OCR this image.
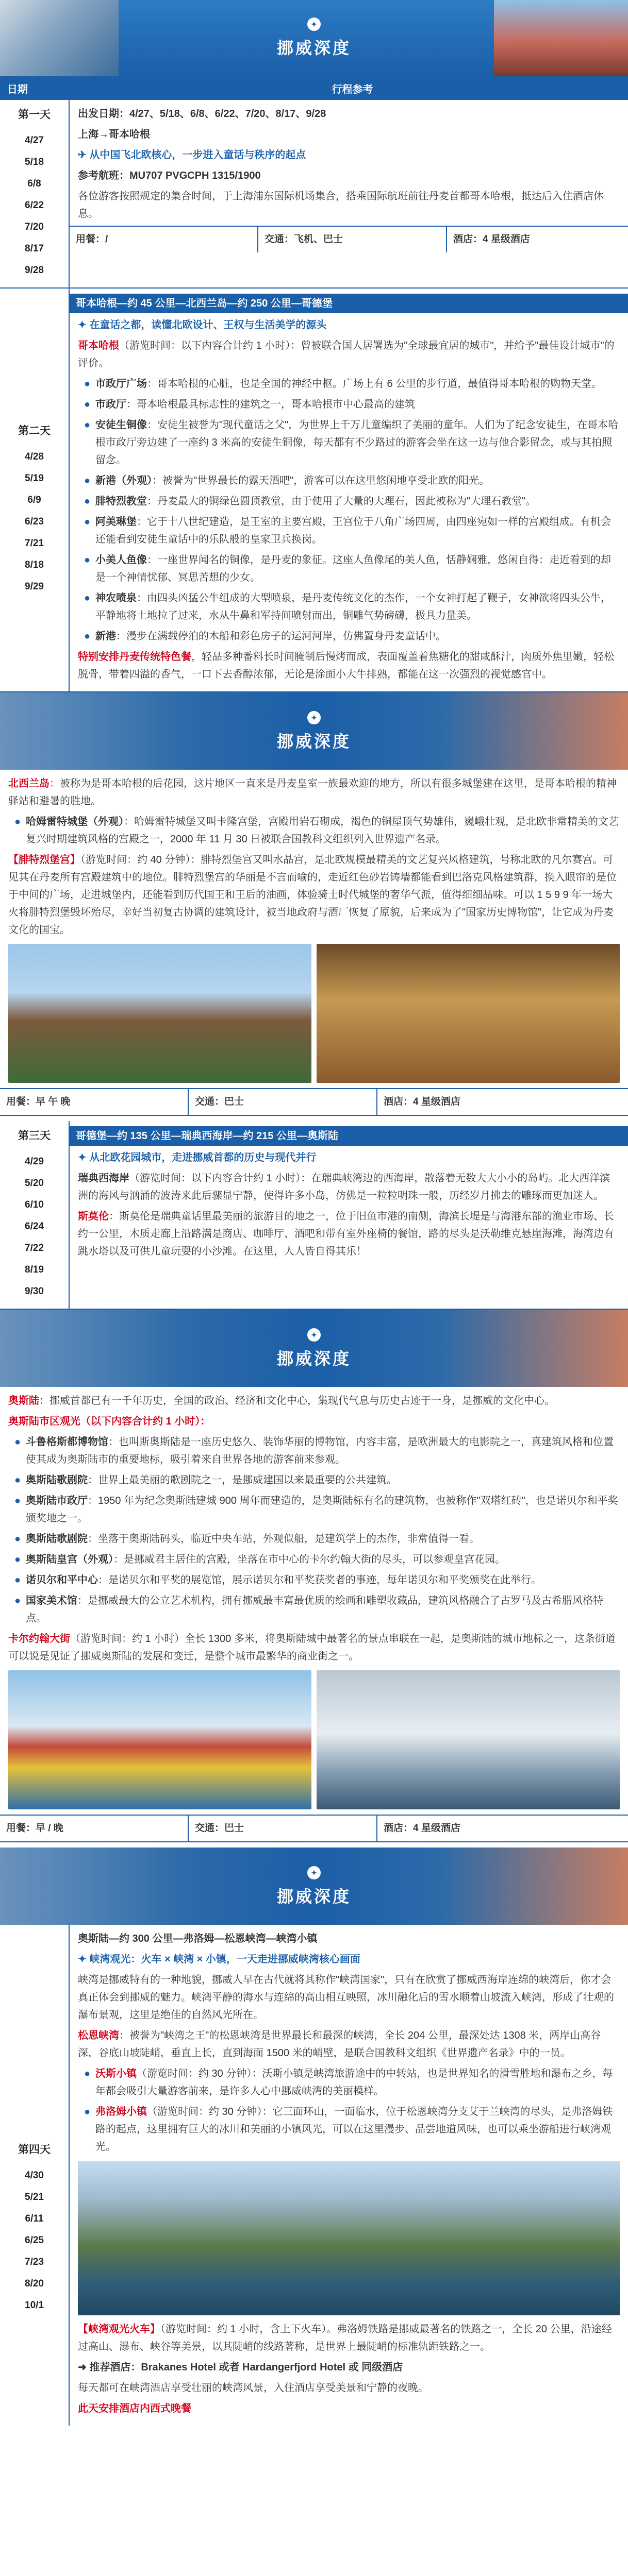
✦
挪威深度
日期	行程参考
第一天
4/27
5/18
6/8
6/22
7/20
8/17
9/28

出发日期：4/27、5/18、6/8、6/22、7/20、8/17、9/28

上海→哥本哈根

✈ 从中国飞北欧核心，一步进入童话与秩序的起点

参考航班：MU707 PVGCPH 1315/1900

各位游客按照规定的集合时间，于上海浦东国际机场集合，搭乘国际航班前往丹麦首都哥本哈根，抵达后入住酒店休息。

用餐：/	交通：飞机、巴士	酒店：4 星级酒店
第二天
4/28
5/19
6/9
6/23
7/21
8/18
9/29
哥本哈根—约 45 公里—北西兰岛—约 250 公里—哥德堡

✦ 在童话之都，读懂北欧设计、王权与生活美学的源头

哥本哈根（游览时间：以下内容合计约 1 小时）：曾被联合国人居署选为"全球最宜居的城市"，并给予"最佳设计城市"的评价。

● 市政厅广场：哥本哈根的心脏，也是全国的神经中枢。广场上有 6 公里的步行道，最值得哥本哈根的购物天堂。

● 市政厅：哥本哈根最具标志性的建筑之一，哥本哈根市中心最高的建筑

● 安徒生铜像：安徒生被誉为"现代童话之父"，为世界上千万儿童编织了美丽的童年。人们为了纪念安徒生，在哥本哈根市政厅旁边建了一座约 3 米高的安徒生铜像，每天都有不少路过的游客会坐在这一边与他合影留念，或与其拍照留念。

● 新港（外观）：被誉为"世界最长的露天酒吧"，游客可以在这里悠闲地享受北欧的阳光。

● 腓特烈教堂：丹麦最大的铜绿色圆顶教堂，由于使用了大量的大理石，因此被称为"大理石教堂"。

● 阿美琳堡：它于十八世纪建造，是王室的主要宫殿，王宫位于八角广场四周，由四座宛如一样的宫殿组成。有机会还能看到安徒生童话中的乐队般的皇家卫兵换岗。

● 小美人鱼像：一座世界闻名的铜像，是丹麦的象征。这座人鱼像尾的美人鱼，恬静娴雅，悠闲自得：走近看到的却是一个神情忧郁、冥思苦想的少女。

● 神农喷泉：由四头凶猛公牛组成的大型喷泉，是丹麦传统文化的杰作，一个女神打起了鞭子，女神欲将四头公牛，平静地将土地拉了过来，水从牛鼻和军持间喷射而出，铜雕气势磅礴，极具力量美。

● 新港：漫步在满载停泊的木船和彩色房子的运河河岸，仿佛置身丹麦童话中。

特别安排丹麦传统特色餐，轻品多种番料长时间腌制后慢烤而成，表面覆盖着焦糖化的甜咸酥汁，肉质外焦里嫩，轻松脱骨，带着四溢的香气，一口下去香醇浓郁，无论是涂面小大牛排熟，都能在这一次强烈的视觉感官中。

✦
挪威深度

北西兰岛：被称为是哥本哈根的后花园，这片地区一直来是丹麦皇室一族最欢迎的地方，所以有很多城堡建在这里，是哥本哈根的精神驿站和避暑的胜地。

● 哈姆雷特城堡（外观）：哈姆雷特城堡又叫卡隆宫堡，宫殿用岩石砌成，褐色的铜屋顶气势雄伟，巍峨壮观，是北欧非常精美的文艺复兴时期建筑风格的宫殿之一，2000 年 11 月 30 日被联合国教科文组织列入世界遗产名录。

【腓特烈堡宫】（游览时间：约 40 分钟）：腓特烈堡宫又叫水晶宫，是北欧规模最精美的文艺复兴风格建筑，号称北欧的凡尔赛宫。可见其在丹麦所有宫殿建筑中的地位。腓特烈堡宫的华丽是不言而喻的，走近红色砂岩铸墙都能看到巴洛克风格建筑群，换入眼帘的是位于中间的广场，走进城堡内，还能看到历代国王和王后的油画，体验骑士时代城堡的奢华气派，值得细细品味。可以 1 5 9 9 年一场大火将腓特烈堡毁坏殆尽，幸好当初复古协调的建筑设计，被当地政府与酒厂恢复了原貌，后来成为了"国家历史博物馆"，让它成为丹麦文化的国宝。

用餐：早 午 晚	交通：巴士	酒店：4 星级酒店
第三天
4/29
5/20
6/10
6/24
7/22
8/19
9/30
哥德堡—约 135 公里—瑞典西海岸—约 215 公里—奥斯陆

✦ 从北欧花园城市，走进挪威首都的历史与现代并行

瑞典西海岸（游览时间：以下内容合计约 1 小时）：在瑞典峡湾边的西海岸，散落着无数大大小小的岛屿。北大西洋滨洲的海风与汹涌的波涛来此后骤显宁静，使得许多小岛，仿佛是一粒粒明珠一般，历经岁月拂去的雕琢而更加迷人。

斯莫伦：斯莫伦是瑞典童话里最美丽的旅游目的地之一，位于旧鱼市港的南侧，海滨长堤是与海港东部的渔业市场、长约一公里，木质走廊上沿路满是商店、咖啡厅、酒吧和带有室外座椅的餐馆，路的尽头是沃勒维克悬崖海滩，海湾边有跳水塔以及可供儿童玩耍的小沙滩。在这里，人人皆自得其乐！

✦
挪威深度

奥斯陆：挪威首都已有一千年历史，全国的政治、经济和文化中心，集现代气息与历史古迹于一身，是挪威的文化中心。

奥斯陆市区观光（以下内容合计约 1 小时）：

● 斗鲁格斯都博物馆：也叫斯奥斯陆是一座历史悠久、装饰华丽的博物馆，内容丰富，是欧洲最大的电影院之一，真建筑风格和位置使其成为奥斯陆市的重要地标，吸引着来自世界各地的游客前来参观。

● 奥斯陆歌剧院：世界上最美丽的歌剧院之一，是挪威建国以来最重要的公共建筑。

● 奥斯陆市政厅：1950 年为纪念奥斯陆建城 900 周年而建造的，是奥斯陆标有名的建筑物，也被称作"双塔红砖"，也是诺贝尔和平奖颁奖地之一。

● 奥斯陆歌剧院：坐落于奥斯陆码头，临近中央车站，外观似船，是建筑学上的杰作，非常值得一看。

● 奥斯陆皇宫（外观）：是挪威君主居住的宫殿，坐落在市中心的卡尔约翰大街的尽头，可以参观皇宫花园。

● 诺贝尔和平中心：是诺贝尔和平奖的展览馆，展示诺贝尔和平奖获奖者的事迹，每年诺贝尔和平奖颁奖在此举行。

● 国家美术馆：是挪威最大的公立艺术机构，拥有挪威最丰富最优质的绘画和雕塑收藏品，建筑风格融合了古罗马及古希腊风格特点。

卡尔约翰大街（游览时间：约 1 小时）全长 1300 多米，将奥斯陆城中最著名的景点串联在一起，是奥斯陆的城市地标之一，这条街道可以说是见证了挪威奥斯陆的发展和变迁，是整个城市最繁华的商业街之一。

用餐：早 / 晚	交通：巴士	酒店：4 星级酒店
✦
挪威深度
第四天
4/30
5/21
6/11
6/25
7/23
8/20
10/1

奥斯陆—约 300 公里—弗洛姆—松恩峡湾—峡湾小镇

✦ 峡湾观光：火车 × 峡湾 × 小镇，一天走进挪威峡湾核心画面

峡湾是挪威特有的一种地貌，挪威人早在古代就将其称作"峡湾国家"，只有在欣赏了挪威西海岸连绵的峡湾后，你才会真正体会到挪威的魅力。峡湾平静的海水与连绵的高山相互映照，冰川融化后的雪水顺着山坡流入峡湾，形成了壮观的瀑布景观，这里是绝佳的自然风光所在。

松恩峡湾：被誉为"峡湾之王"的松恩峡湾是世界最长和最深的峡湾，全长 204 公里，最深处达 1308 米，两岸山高谷深，谷底山坡陡峭，垂直上长，直到海面 1500 米的峭壁，是联合国教科文组织《世界遗产名录》中的一员。

● 沃斯小镇（游览时间：约 30 分钟）：沃斯小镇是峡湾旅游途中的中转站，也是世界知名的滑雪胜地和瀑布之乡，每年都会吸引大量游客前来，是许多人心中挪威峡湾的美丽模样。

● 弗洛姆小镇（游览时间：约 30 分钟）：它三面环山，一面临水，位于松恩峡湾分支艾于兰峡湾的尽头，是弗洛姆铁路的起点，这里拥有巨大的冰川和美丽的小镇风光，可以在这里漫步、品尝地道风味，也可以乘坐游船进行峡湾观光。

【峡湾观光火车】（游览时间：约 1 小时，含上下火车）。弗洛姆铁路是挪威最著名的铁路之一，全长 20 公里，沿途经过高山、瀑布、峡谷等美景，以其陡峭的线路著称，是世界上最陡峭的标准轨距铁路之一。

➜ 推荐酒店：Brakanes Hotel 或者 Hardangerfjord Hotel 或 同级酒店

每天都可在峡湾酒店享受壮丽的峡湾风景，入住酒店享受美景和宁静的夜晚。

此天安排酒店内西式晚餐
